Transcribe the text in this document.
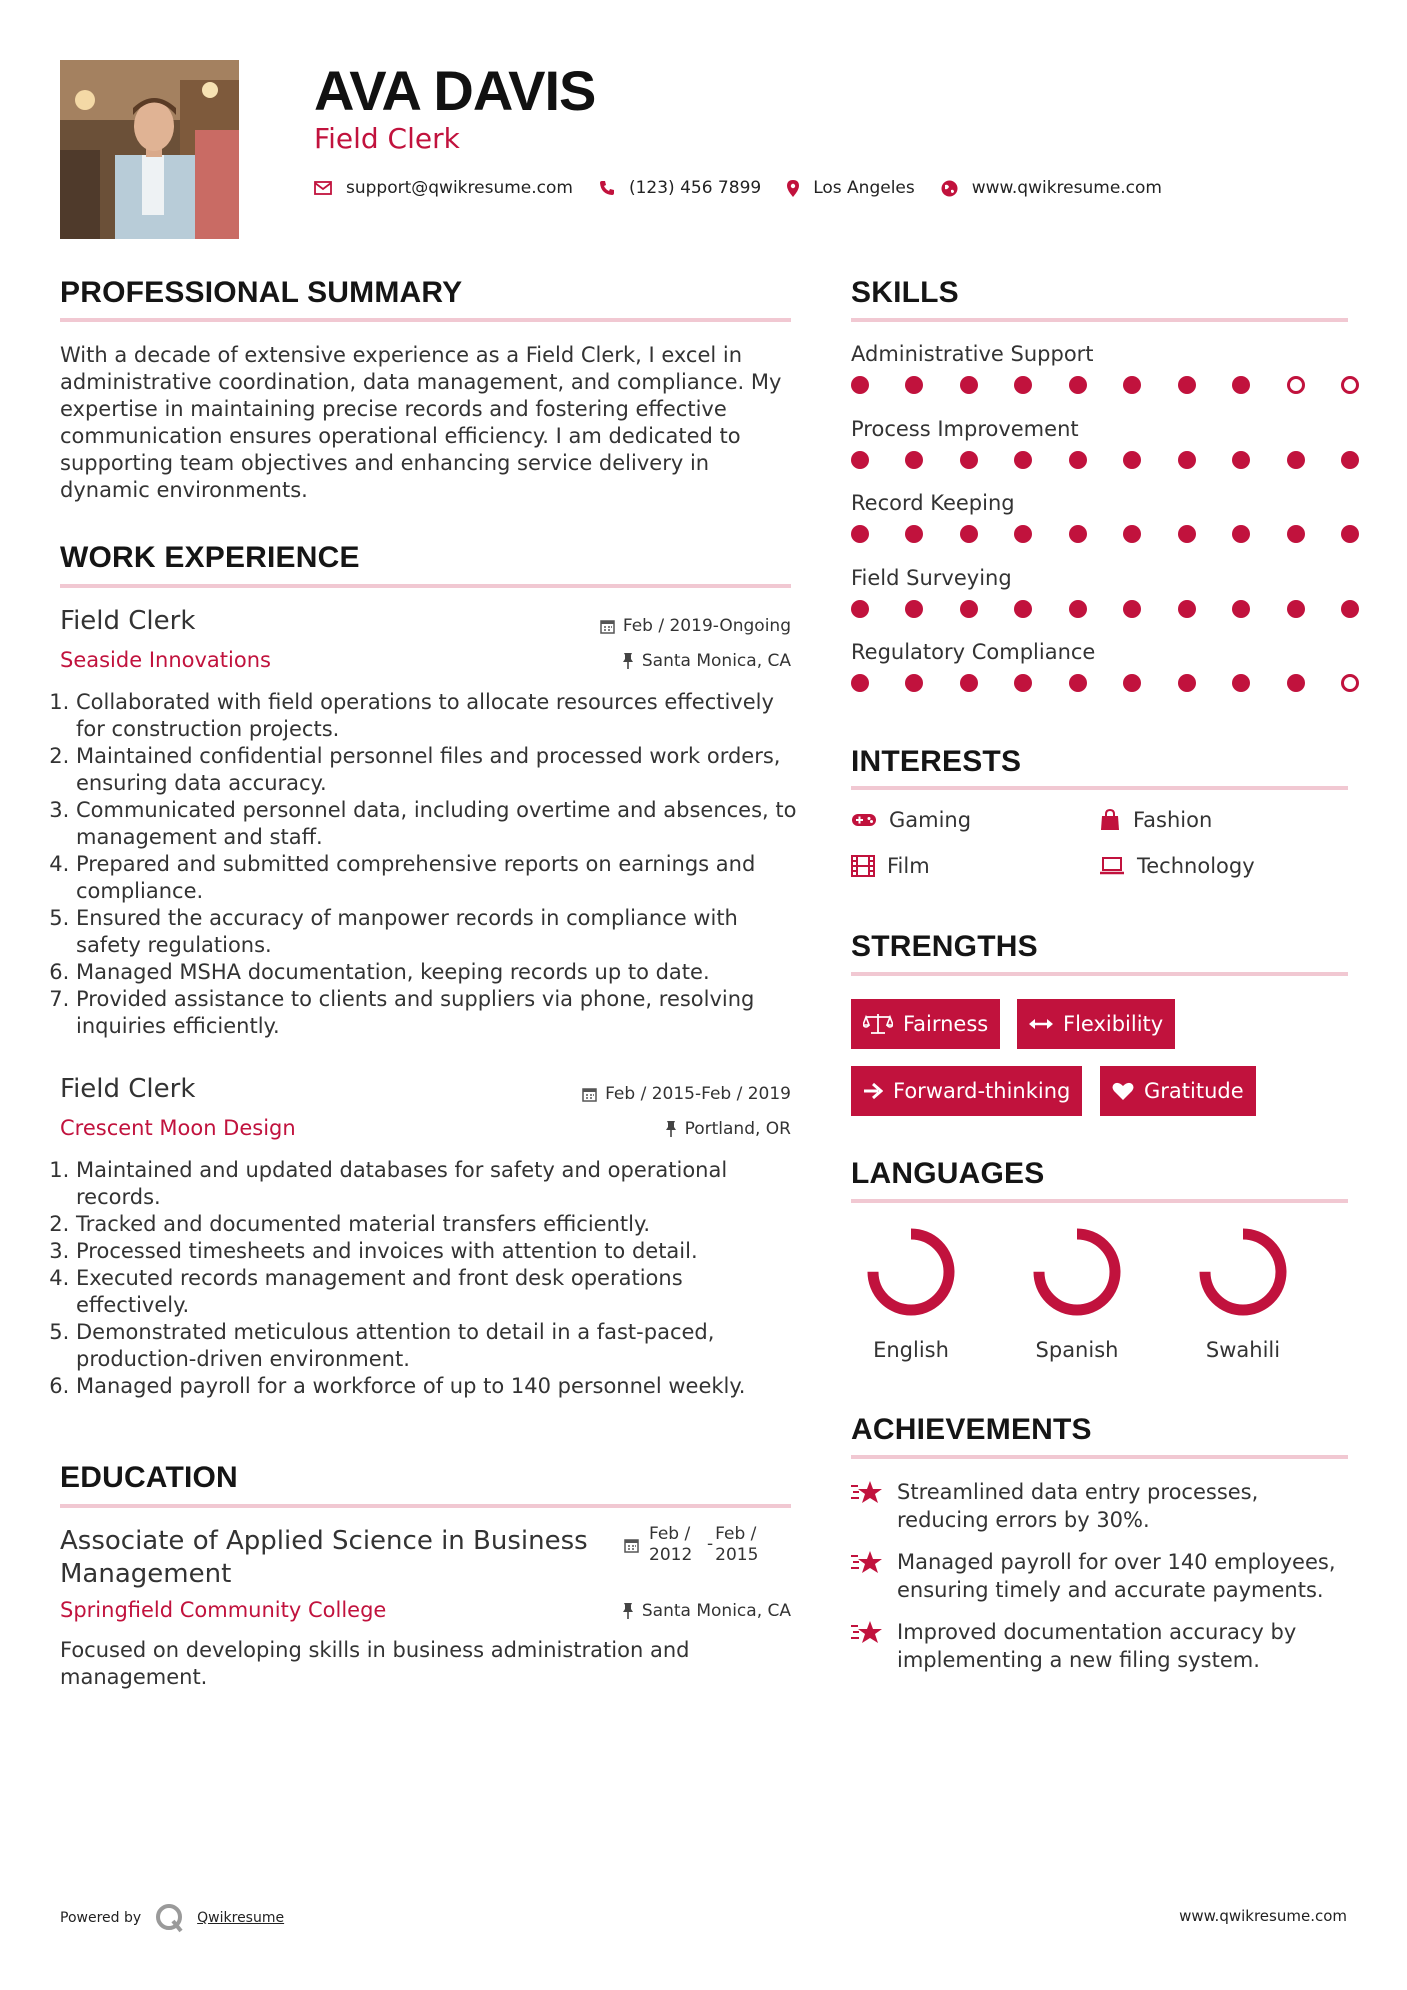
AVA DAVIS
Field Clerk
support@qwikresume.com	(123) 456 7899	Los Angeles	www.qwikresume.com
PROFESSIONAL SUMMARY
With a decade of extensive experience as a Field Clerk, I excel in administrative coordination, data management, and compliance. My expertise in maintaining precise records and fostering effective communication ensures operational efficiency. I am dedicated to supporting team objectives and enhancing service delivery in dynamic environments.
WORK EXPERIENCE
Field Clerk	Feb / 2019-Ongoing
Seaside Innovations	Santa Monica, CA
1. Collaborated with field operations to allocate resources effectively for construction projects.
2. Maintained confidential personnel files and processed work orders, ensuring data accuracy.
3. Communicated personnel data, including overtime and absences, to management and staff.
4. Prepared and submitted comprehensive reports on earnings and compliance.
5. Ensured the accuracy of manpower records in compliance with safety regulations.
6. Managed MSHA documentation, keeping records up to date.
7. Provided assistance to clients and suppliers via phone, resolving inquiries efficiently.
Field Clerk	Feb / 2015-Feb / 2019
Crescent Moon Design	Portland, OR
1. Maintained and updated databases for safety and operational records.
2. Tracked and documented material transfers efficiently.
3. Processed timesheets and invoices with attention to detail.
4. Executed records management and front desk operations effectively.
5. Demonstrated meticulous attention to detail in a fast-paced, production-driven environment.
6. Managed payroll for a workforce of up to 140 personnel weekly.
EDUCATION
Associate of Applied Science in Business Management
Feb / 2012
- Feb / 2015
Springfield Community College	Santa Monica, CA
Focused on developing skills in business administration and management.
SKILLS
Administrative Support
Process Improvement
Record Keeping
Field Surveying
Regulatory Compliance
INTERESTS
Gaming	Fashion
Film	Technology
STRENGTHS
Fairness	Flexibility
Forward-thinking	Gratitude
LANGUAGES
English	Spanish	Swahili
ACHIEVEMENTS
Streamlined data entry processes, reducing errors by 30%.
Managed payroll for over 140 employees, ensuring timely and accurate payments.
Improved documentation accuracy by implementing a new filing system.
Powered by	Qwikresume	www.qwikresume.com
